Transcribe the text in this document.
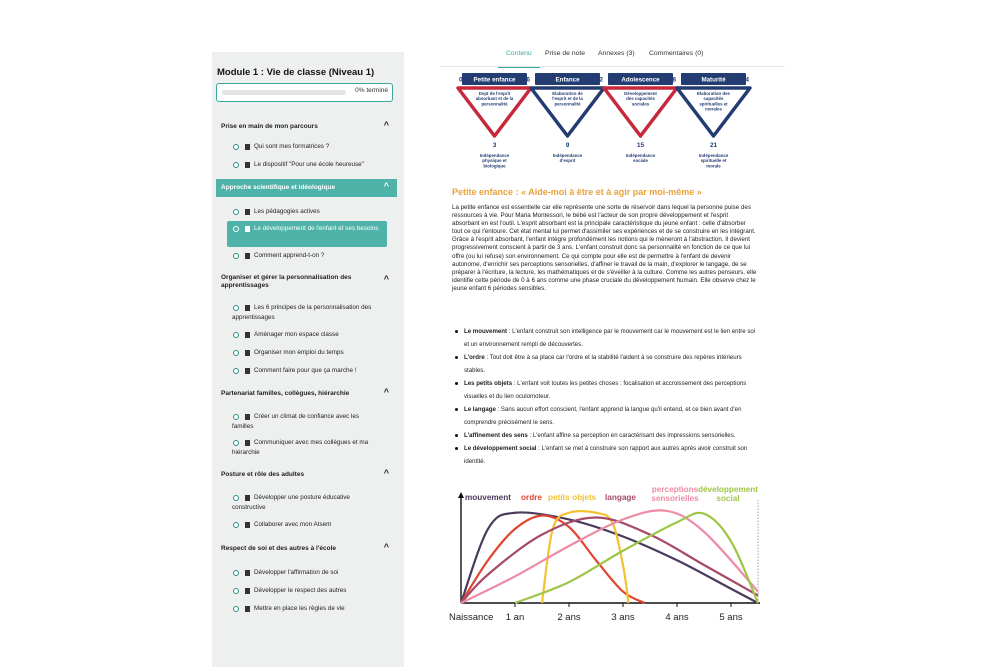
Module 1 : Vie de classe (Niveau 1)
0% terminé
Prise en main de mon parcours	^
Qui sont mes formatrices ?
Le dispositif "Pour une école heureuse"
Approche scientifique et idéologique	^
Les pédagogies actives
Le développement de l'enfant et ses besoins
Comment apprend-t-on ?
Organiser et gérer la personnalisation des apprentissages
^
Les 6 principes de la personnalisation des apprentissages
Aménager mon espace classe
Organiser mon emploi du temps
Comment faire pour que ça marche !
Partenariat familles, collègues, hiérarchie	^
Créer un climat de confiance avec les familles
Communiquer avec mes collègues et ma hiérarchie
Posture et rôle des adultes	^
Développer une posture éducative constructive
Collaborer avec mon Atsem
Respect de soi et des autres à l'école	^
Développer l'affirmation de soi
Développer le respect des autres
Mettre en place les règles de vie
Contenu Prise de note Annexes (3) Commentaires (0)
Petite enfance
0	6
Dvpt de l'esprit
absorbant et de la
personnalité
3
Indépendance
physique et
biologique
Enfance 12
Elaboration de
l'esprit et de la
personnalité
9
Indépendance
d'esprit
Adolescence 18
Développement
des capacités
sociales
15
Indépendance
sociale
Maturité 24
Elaboration des
capacités
spirituelles et
morales
21
Indépendance
spirituelle et
morale
Petite enfance : « Aide-moi à être et à agir par moi-même »
La petite enfance est essentielle car elle représente une sorte de réservoir dans lequel la personne puise des ressources à vie. Pour Maria Montessori, le bébé est l'acteur de son propre développement et l'esprit absorbant en est l'outil. L'esprit absorbant est la principale caractéristique du jeune enfant : celle d'absorber tout ce qui l'entoure. Cet état mental lui permet d'assimiler ses expériences et de se construire en les intégrant. Grâce à l'esprit absorbant, l'enfant intègre profondément les notions qui le mèneront à l'abstraction. Il devient progressivement conscient à partir de 3 ans. L'enfant construit donc sa personnalité en fonction de ce que lui offre (ou lui refuse) son environnement. Ce qui compte pour elle est de permettre à l'enfant de devenir autonome, d'enrichir ses perceptions sensorielles, d'affiner le travail de la main, d'explorer le langage, de se préparer à l'écriture, la lecture, les mathématiques et de s'éveiller à la culture. Comme les autres penseurs, elle identifie cette période de 0 à 6 ans comme une phase cruciale du développement humain. Elle observe chez le jeune enfant 6 périodes sensibles.
Le mouvement : L'enfant construit son intelligence par le mouvement car le mouvement est le lien entre soi et un environnement rempli de découvertes.
L'ordre : Tout doit être à sa place car l'ordre et la stabilité l'aident à se construire des repères intérieurs stables.
Les petits objets : L'enfant voit toutes les petites choses : focalisation et accroissement des perceptions visuelles et du lien oculomoteur.
Le langage : Sans aucun effort conscient, l'enfant apprend la langue qu'il entend, et ce bien avant d'en comprendre précisément le sens.
L'affinement des sens : L'enfant affine sa perception en caractérisant des impressions sensorielles.
Le développement social : L'enfant se met à construire son rapport aux autres après avoir construit son identité.
Naissance 1 an	2 ans	3 ans	4 ans	5 ans
mouvement ordre petits objets langage
perceptions sensorielles
développement social
